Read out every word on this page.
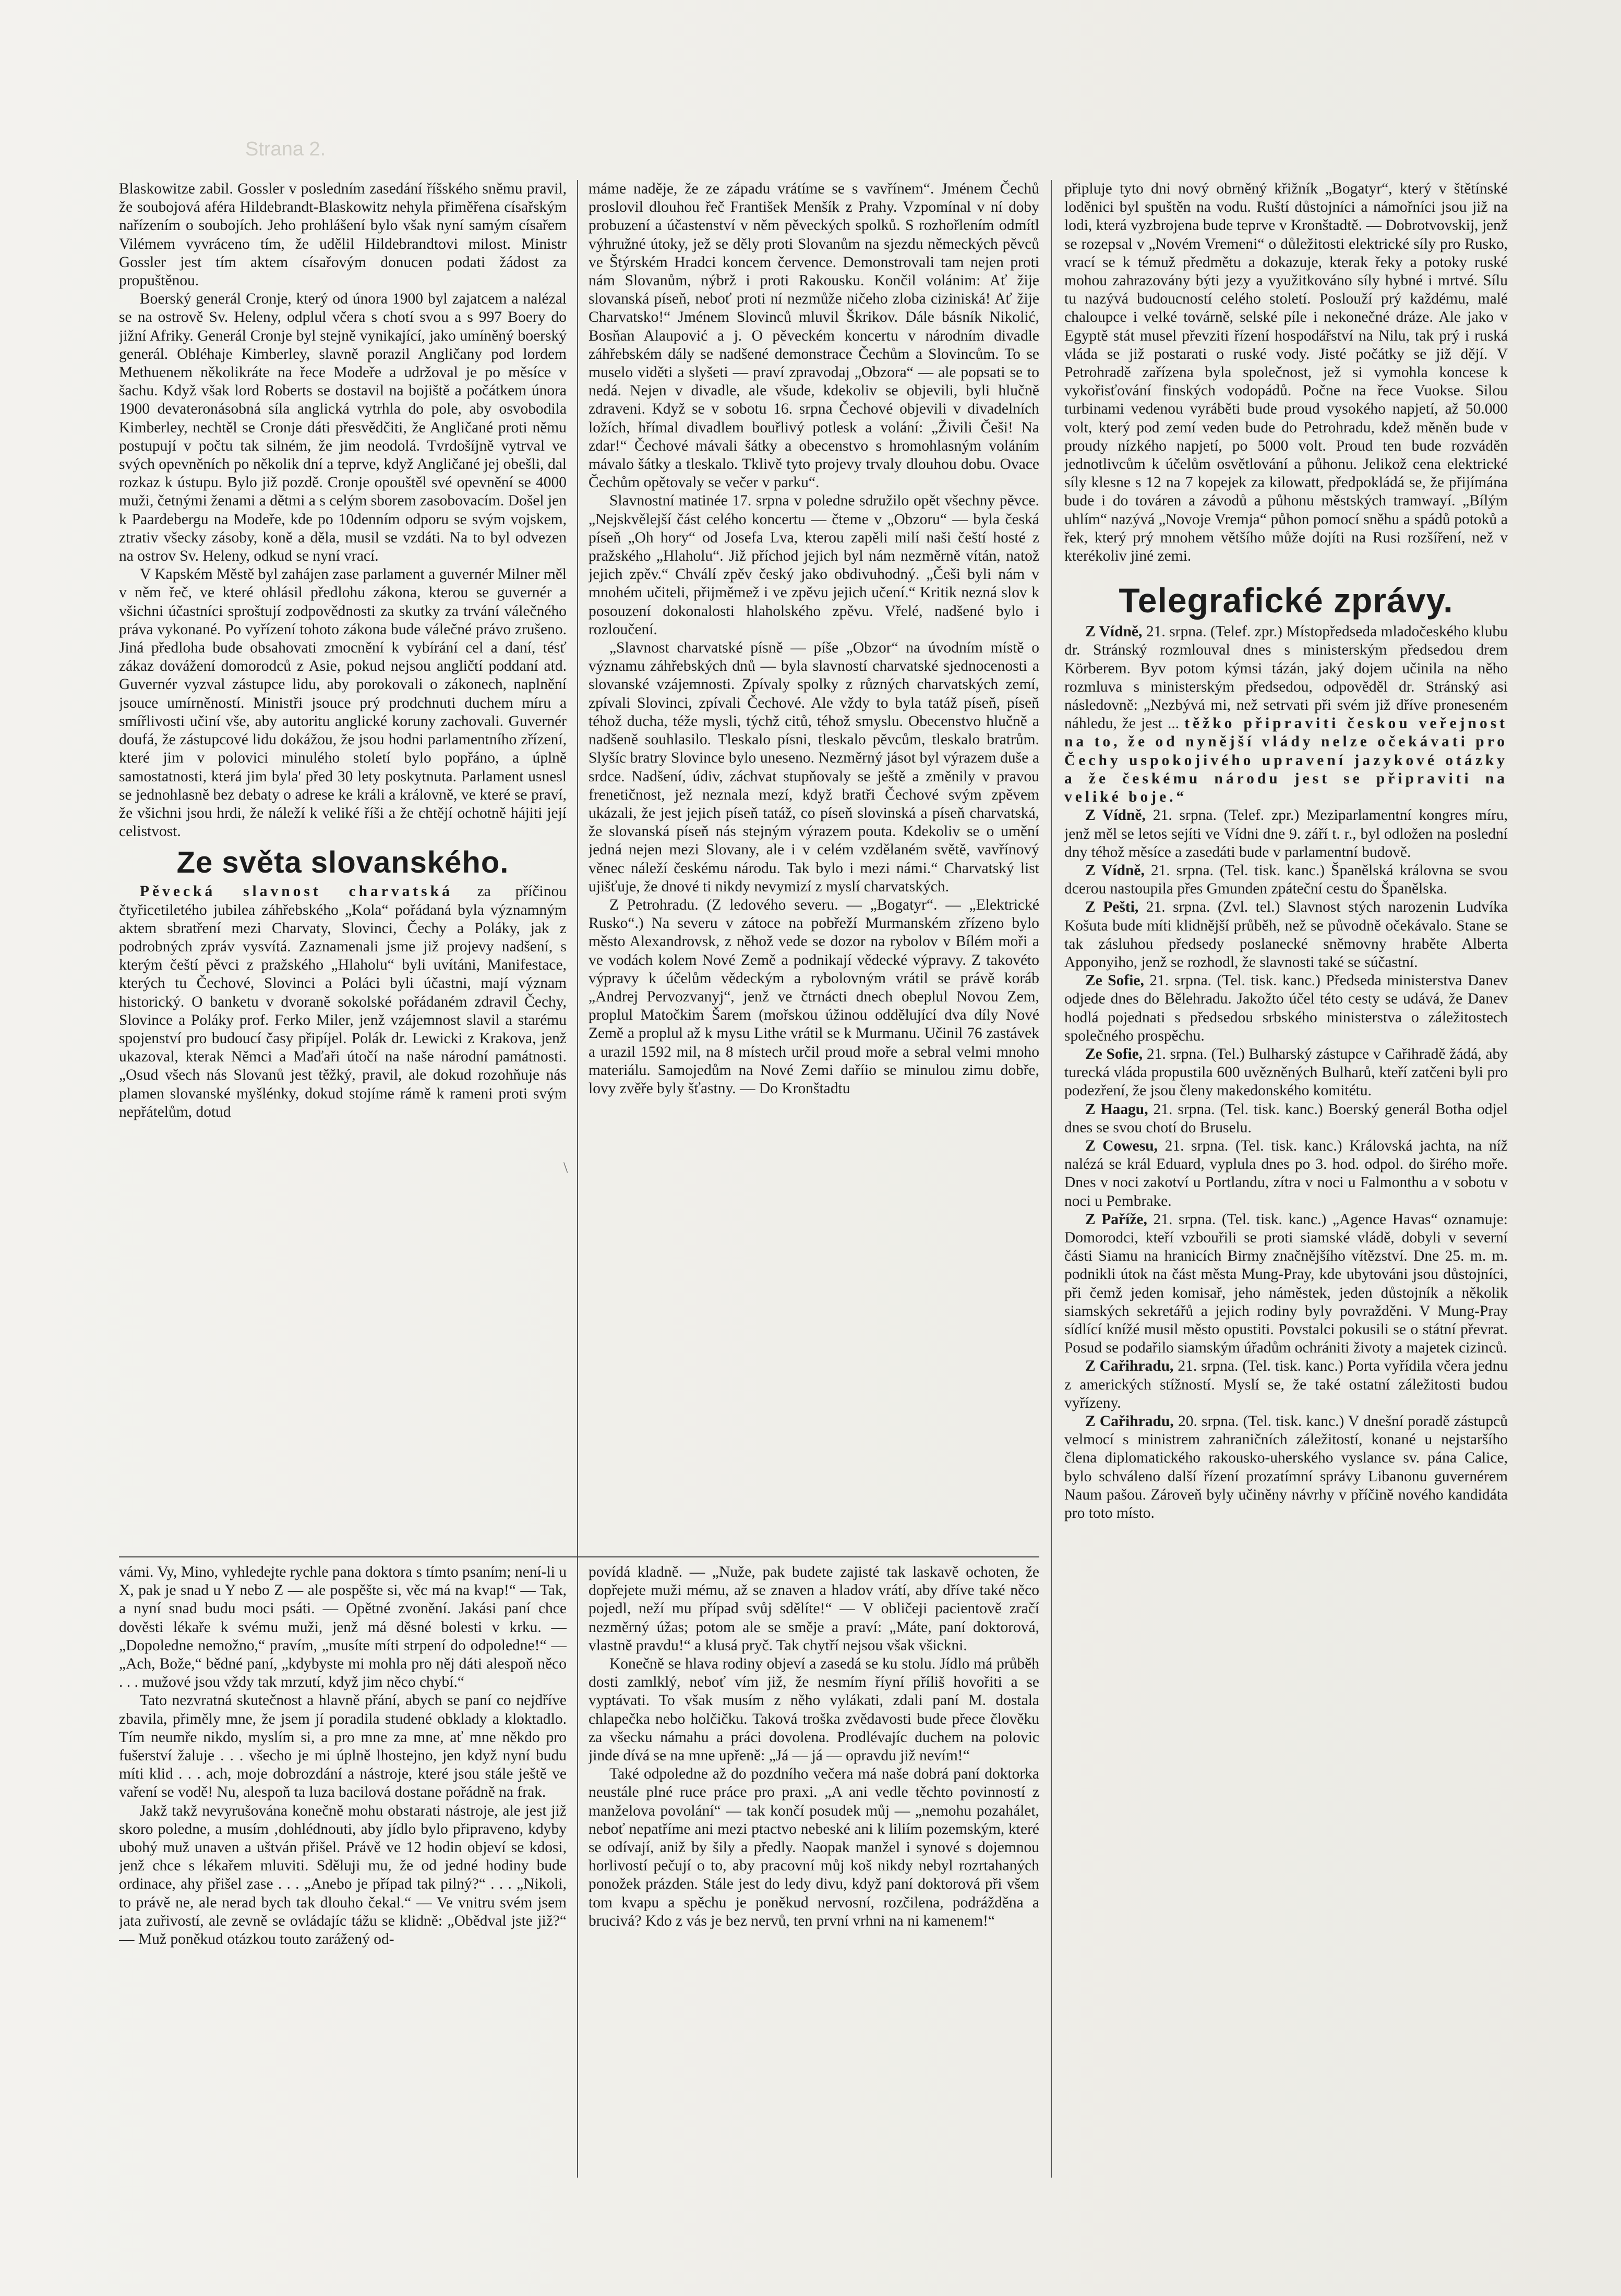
Strana 2.

Blaskowitze zabil. Gossler v posledním zasedání říšského sněmu pravil, že soubojová aféra Hildebrandt-Blaskowitz nehyla přiměřena císařským nařízením o soubojích. Jeho prohlášení bylo však nyní samým císařem Vilémem vyvráceno tím, že udělil Hildebrandtovi milost. Ministr Gossler jest tím aktem císařovým donucen podati žádost za propuštěnou.

Boerský generál Cronje, který od února 1900 byl zajatcem a nalézal se na ostrově Sv. Heleny, odplul včera s chotí svou a s 997 Boery do jižní Afriky. Generál Cronje byl stejně vynikající, jako umíněný boerský generál. Obléhaje Kimberley, slavně porazil Angličany pod lordem Methuenem několikráte na řece Modeře a udržoval je po měsíce v šachu. Když však lord Roberts se dostavil na bojiště a počátkem února 1900 devateronásobná síla anglická vytrhla do pole, aby osvobodila Kimberley, nechtěl se Cronje dáti přesvědčiti, že Angličané proti němu postupují v počtu tak silném, že jim neodolá. Tvrdošíjně vytrval ve svých opevněních po několik dní a teprve, když Angličané jej obešli, dal rozkaz k ústupu. Bylo již pozdě. Cronje opouštěl své opevnění se 4000 muži, četnými ženami a dětmi a s celým sborem zasobovacím. Došel jen k Paardebergu na Modeře, kde po 10denním odporu se svým vojskem, ztrativ všecky zásoby, koně a děla, musil se vzdáti. Na to byl odvezen na ostrov Sv. Heleny, odkud se nyní vrací.

V Kapském Městě byl zahájen zase parlament a guvernér Milner měl v něm řeč, ve které ohlásil předlohu zákona, kterou se guvernér a všichni účastníci sproštují zodpovědnosti za skutky za trvání válečného práva vykonané. Po vyřízení tohoto zákona bude válečné právo zrušeno. Jiná předloha bude obsahovati zmocnění k vybírání cel a daní, tésť zákaz dovážení domorodců z Asie, pokud nejsou angličtí poddaní atd. Guvernér vyzval zástupce lidu, aby porokovali o zákonech, naplnění jsouce umírněností. Ministři jsouce prý prodchnuti duchem míru a smířlivosti učiní vše, aby autoritu anglické koruny zachovali. Guvernér doufá, že zástupcové lidu dokážou, že jsou hodni parlamentního zřízení, které jim v polovici minulého století bylo popřáno, a úplně samostatnosti, která jim byla' před 30 lety poskytnuta. Parlament usnesl se jednohlasně bez debaty o adrese ke králi a královně, ve které se praví, že všichni jsou hrdi, že náleží k veliké říši a že chtějí ochotně hájiti její celistvost.

Ze světa slovanského.

Pěvecká slavnost charvatská za příčinou čtyřicetiletého jubilea záhřebského „Kola“ pořádaná byla významným aktem sbratření mezi Charvaty, Slovinci, Čechy a Poláky, jak z podrobných zpráv vysvítá. Zaznamenali jsme již projevy nadšení, s kterým čeští pěvci z pražského „Hlaholu“ byli uvítáni, Manifestace, kterých tu Čechové, Slovinci a Poláci byli účastni, mají význam historický. O banketu v dvoraně sokolské pořádaném zdravil Čechy, Slovince a Poláky prof. Ferko Miler, jenž vzájemnost slavil a starému spojenství pro budoucí časy připíjel. Polák dr. Lewicki z Krakova, jenž ukazoval, kterak Němci a Maďaři útočí na naše národní památnosti. „Osud všech nás Slovanů jest těžký, pravil, ale dokud rozohňuje nás plamen slovanské myšlénky, dokud stojíme rámě k rameni proti svým nepřátelům, dotud

vámi. Vy, Mino, vyhledejte rychle pana doktora s tímto psaním; není-li u X, pak je snad u Y nebo Z — ale pospěšte si, věc má na kvap!“ — Tak, a nyní snad budu moci psáti. — Opětné zvonění. Jakási paní chce dověsti lékaře k svému muži, jenž má děsné bolesti v krku. — „Dopoledne nemožno,“ pravím, „musíte míti strpení do odpoledne!“ — „Ach, Bože,“ bědné paní, „kdybyste mi mohla pro něj dáti alespoň něco . . . mužové jsou vždy tak mrzutí, když jim něco chybí.“

Tato nezvratná skutečnost a hlavně přání, abych se paní co nejdříve zbavila, přiměly mne, že jsem jí poradila studené obklady a kloktadlo. Tím neumře nikdo, myslím si, a pro mne za mne, ať mne někdo pro fušerství žaluje . . . všecho je mi úplně lhostejno, jen když nyní budu míti klid . . . ach, moje dobrozdání a nástroje, které jsou stále ještě ve vaření se vodě! Nu, alespoň ta luza bacilová dostane pořádně na frak.

Jakž takž nevyrušována konečně mohu obstarati nástroje, ale jest již skoro poledne, a musím ‚dohlédnouti, aby jídlo bylo připraveno, kdyby ubohý muž unaven a uštván přišel. Právě ve 12 hodin objeví se kdosi, jenž chce s lékařem mluviti. Sděluji mu, že od jedné hodiny bude ordinace, ahy přišel zase . . . „Anebo je případ tak pilný?“ . . . „Nikoli, to právě ne, ale nerad bych tak dlouho čekal.“ — Ve vnitru svém jsem jata zuřivostí, ale zevně se ovládajíc tážu se klidně: „Obědval jste již?“ — Muž poněkud otázkou touto zarážený od-

máme naděje, že ze západu vrátíme se s vavřínem“. Jménem Čechů proslovil dlouhou řeč František Menšík z Prahy. Vzpomínal v ní doby probuzení a účastenství v něm pěveckých spolků. S rozhořlením odmítl výhružné útoky, jež se děly proti Slovanům na sjezdu německých pěvců ve Štýrském Hradci koncem července. Demonstrovali tam nejen proti nám Slovanům, nýbrž i proti Rakousku. Končil volánim: Ať žije slovanská píseň, neboť proti ní nezmůže ničeho zloba ciziniská! Ať žije Charvatsko!“ Jménem Slovinců mluvil Škrikov. Dále básník Nikolić, Bosňan Alaupović a j. O pěveckém koncertu v národním divadle záhřebském dály se nadšené demonstrace Čechům a Slovincům. To se muselo viděti a slyšeti — praví zpravodaj „Obzora“ — ale popsati se to nedá. Nejen v divadle, ale všude, kdekoliv se objevili, byli hlučně zdraveni. Když se v sobotu 16. srpna Čechové objevili v divadelních ložích, hřímal divadlem bouřlivý potlesk a volání: „Živili Češi! Na zdar!“ Čechové mávali šátky a obecenstvo s hromohlasným voláním mávalo šátky a tleskalo. Tklivě tyto projevy trvaly dlouhou dobu. Ovace Čechům opětovaly se večer v parku“.

Slavnostní matinée 17. srpna v poledne sdružilo opět všechny pěvce. „Nejskvělejší část celého koncertu — čteme v „Obzoru“ — byla česká píseň „Oh hory“ od Josefa Lva, kterou zapěli milí naši čeští hosté z pražského „Hlaholu“. Již příchod jejich byl nám nezměrně vítán, natož jejich zpěv.“ Chválí zpěv český jako obdivuhodný. „Češi byli nám v mnohém učiteli, přijměmež i ve zpěvu jejich učení.“ Kritik nezná slov k posouzení dokonalosti hlaholského zpěvu. Vřelé, nadšené bylo i rozloučení.

„Slavnost charvatské písně — píše „Obzor“ na úvodním místě o významu záhřebských dnů — byla slavností charvatské sjednocenosti a slovanské vzájemnosti. Zpívaly spolky z různých charvatských zemí, zpívali Slovinci, zpívali Čechové. Ale vždy to byla tatáž píseň, píseň téhož ducha, téže mysli, týchž citů, téhož smyslu. Obecenstvo hlučně a nadšeně souhlasilo. Tleskalo písni, tleskalo pěvcům, tleskalo bratrům. Slyšíc bratry Slovince bylo uneseno. Nezměrný jásot byl výrazem duše a srdce. Nadšení, údiv, záchvat stupňovaly se ještě a změnily v pravou frenetičnost, jež neznala mezí, když bratři Čechové svým zpěvem ukázali, že jest jejich píseň tatáž, co píseň slovinská a píseň charvatská, že slovanská píseň nás stejným výrazem pouta. Kdekoliv se o umění jedná nejen mezi Slovany, ale i v celém vzdělaném světě, vavřínový věnec náleží českému národu. Tak bylo i mezi námi.“ Charvatský list ujišťuje, že dnové ti nikdy nevymizí z myslí charvatských.

Z Petrohradu. (Z ledového severu. — „Bogatyr“. — „Elektrické Rusko“.) Na severu v zátoce na pobřeží Murmanském zřízeno bylo město Alexandrovsk, z něhož vede se dozor na rybolov v Bílém moři a ve vodách kolem Nové Země a podnikají vědecké výpravy. Z takovéto výpravy k účelům vědeckým a rybolovným vrátil se právě koráb „Andrej Pervozvanyj“, jenž ve čtrnácti dnech obeplul Novou Zem, proplul Matočkim Šarem (mořskou úžinou oddělující dva díly Nové Země a proplul až k mysu Lithe vrátil se k Murmanu. Učinil 76 zastávek a urazil 1592 mil, na 8 místech určil proud moře a sebral velmi mnoho materiálu. Samojedům na Nové Zemi daříio se minulou zimu dobře, lovy zvěře byly šťastny. — Do Kronštadtu

povídá kladně. — „Nuže, pak budete zajisté tak laskavě ochoten, že dopřejete muži mému, až se znaven a hladov vrátí, aby dříve také něco pojedl, neží mu případ svůj sdělíte!“ — V obličeji pacientově zračí nezměrný úžas; potom ale se směje a praví: „Máte, paní doktorová, vlastně pravdu!“ a klusá pryč. Tak chytří nejsou však všickni.

Konečně se hlava rodiny objeví a zasedá se ku stolu. Jídlo má průběh dosti zamlklý, neboť vím již, že nesmím říyní příliš hovořiti a se vyptávati. To však musím z něho vylákati, zdali paní M. dostala chlapečka nebo holčičku. Taková troška zvědavosti bude přece člověku za všecku námahu a práci dovolena. Prodlévajíc duchem na polovic jinde dívá se na mne upřeně: „Já — já — opravdu již nevím!“

Také odpoledne až do pozdního večera má naše dobrá paní doktorka neustále plné ruce práce pro praxi. „A ani vedle těchto povinností z manželova povolání“ — tak končí posudek můj — „nemohu pozahálet, neboť nepatříme ani mezi ptactvo nebeské ani k liliím pozemským, které se odívají, aniž by šily a předly. Naopak manžel i synové s dojemnou horlivostí pečují o to, aby pracovní můj koš nikdy nebyl rozrtahaných ponožek prázden. Stále jest do ledy divu, když paní doktorová při všem tom kvapu a spěchu je poněkud nervosní, rozčilena, podrážděna a brucivá? Kdo z vás je bez nervů, ten první vrhni na ni kamenem!“

připluje tyto dni nový obrněný křižník „Bogatyr“, který v štětínské loděnici byl spuštěn na vodu. Ruští důstojníci a námořníci jsou již na lodi, která vyzbrojena bude teprve v Kronštadtě. — Dobrotvovskij, jenž se rozepsal v „Novém Vremeni“ o důležitosti elektrické síly pro Rusko, vrací se k témuž předmětu a dokazuje, kterak řeky a potoky ruské mohou zahrazovány býti jezy a využitkováno síly hybné i mrtvé. Sílu tu nazývá budoucností celého století. Poslouží prý každému, malé chaloupce i velké továrně, selské píle i nekonečné dráze. Ale jako v Egyptě stát musel převziti řízení hospodářství na Nilu, tak prý i ruská vláda se již postarati o ruské vody. Jisté počátky se již dějí. V Petrohradě zařízena byla společnost, jež si vymohla koncese k vykořisťování finských vodopádů. Počne na řece Vuokse. Silou turbinami vedenou vyráběti bude proud vysokého napjetí, až 50.000 volt, který pod zemí veden bude do Petrohradu, kdež měněn bude v proudy nízkého napjetí, po 5000 volt. Proud ten bude rozváděn jednotlivcům k účelům osvětlování a půhonu. Jelikož cena elektrické síly klesne s 12 na 7 kopejek za kilowatt, předpokládá se, že přijímána bude i do továren a závodů a půhonu městských tramwayí. „Bílým uhlím“ nazývá „Novoje Vremja“ půhon pomocí sněhu a spádů potoků a řek, který prý mnohem většího může dojíti na Rusi rozšíření, než v kterékoliv jiné zemi.

Telegrafické zprávy.

Z Vídně, 21. srpna. (Telef. zpr.) Místopředseda mladočeského klubu dr. Stránský rozmlouval dnes s ministerským předsedou drem Körberem. Byv potom kýmsi tázán, jaký dojem učinila na něho rozmluva s ministerským předsedou, odpověděl dr. Stránský asi následovně: „Nezbývá mi, než setrvati při svém již dříve proneseném náhledu, že jest ... těžko připraviti českou veřejnost na to, že od nynější vlády nelze očekávati pro Čechy uspokojivého upravení jazykové otázky a že českému národu jest se připraviti na veliké boje.“

Z Vídně, 21. srpna. (Telef. zpr.) Meziparlamentní kongres míru, jenž měl se letos sejíti ve Vídni dne 9. září t. r., byl odložen na poslední dny téhož měsíce a zasedáti bude v parlamentní budově.

Z Vídně, 21. srpna. (Tel. tisk. kanc.) Španělská královna se svou dcerou nastoupila přes Gmunden zpáteční cestu do Španělska.

Z Pešti, 21. srpna. (Zvl. tel.) Slavnost stých narozenin Ludvíka Košuta bude míti klidnější průběh, než se původně očekávalo. Stane se tak zásluhou předsedy poslanecké sněmovny hraběte Alberta Apponyiho, jenž se rozhodl, že slavnosti také se súčastní.

Ze Sofie, 21. srpna. (Tel. tisk. kanc.) Předseda ministerstva Danev odjede dnes do Bělehradu. Jakožto účel této cesty se udává, že Danev hodlá pojednati s předsedou srbského ministerstva o záležitostech společného prospěchu.

Ze Sofie, 21. srpna. (Tel.) Bulharský zástupce v Cařihradě žádá, aby turecká vláda propustila 600 uvězněných Bulharů, kteří zatčeni byli pro podezření, že jsou členy makedonského komitétu.

Z Haagu, 21. srpna. (Tel. tisk. kanc.) Boerský generál Botha odjel dnes se svou chotí do Bruselu.

Z Cowesu, 21. srpna. (Tel. tisk. kanc.) Královská jachta, na níž nalézá se král Eduard, vyplula dnes po 3. hod. odpol. do širého moře. Dnes v noci zakotví u Portlandu, zítra v noci u Falmonthu a v sobotu v noci u Pembrake.

Z Paříže, 21. srpna. (Tel. tisk. kanc.) „Agence Havas“ oznamuje: Domorodci, kteří vzbouřili se proti siamské vládě, dobyli v severní části Siamu na hranicích Birmy značnějšího vítězství. Dne 25. m. m. podnikli útok na část města Mung-Pray, kde ubytováni jsou důstojníci, při čemž jeden komisař, jeho náměstek, jeden důstojník a několik siamských sekretářů a jejich rodiny byly povražděni. V Mung-Pray sídlící knížé musil město opustiti. Povstalci pokusili se o státní převrat. Posud se podařilo siamským úřadům ochrániti životy a majetek cizinců.

Z Cařihradu, 21. srpna. (Tel. tisk. kanc.) Porta vyřídila včera jednu z amerických stížností. Myslí se, že také ostatní záležitosti budou vyřízeny.

Z Cařihradu, 20. srpna. (Tel. tisk. kanc.) V dnešní poradě zástupců velmocí s ministrem zahraničních záležitostí, konané u nejstaršího člena diplomatického rakousko-uherského vyslance sv. pána Calice, bylo schváleno další řízení prozatímní správy Libanonu guvernérem Naum pašou. Zároveň byly učiněny návrhy v příčině nového kandidáta pro toto místo.

\
